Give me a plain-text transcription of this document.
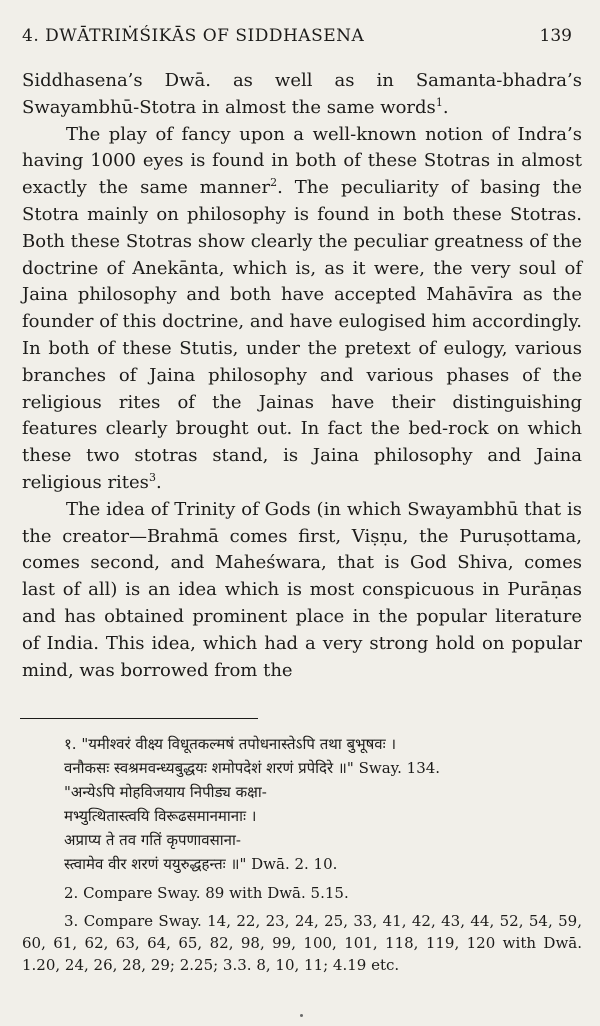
4. DWĀTRIṀŚIKĀS OF SIDDHASENA	139

Siddhasena’s Dwā. as well as in Samanta-bhadra’s Swayambhū-Stotra in almost the same words$^1$.

The play of fancy upon a well-known notion of Indra’s having 1000 eyes is found in both of these Stotras in almost exactly the same manner$^2$. The peculiarity of basing the Stotra mainly on philosophy is found in both these Stotras. Both these Stotras show clearly the peculiar greatness of the doctrine of Anekānta, which is, as it were, the very soul of Jaina philosophy and both have accepted Mahāvīra as the founder of this doctrine, and have eulogised him accordingly. In both of these Stutis, under the pretext of eulogy, various branches of Jaina philosophy and various phases of the religious rites of the Jainas have their distinguishing features clearly brought out. In fact the bed-rock on which these two stotras stand, is Jaina philosophy and Jaina religious rites$^3$.

The idea of Trinity of Gods (in which Swayambhū that is the creator—Brahmā comes first, Viṣṇu, the Puruṣottama, comes second, and Maheśwara, that is God Shiva, comes last of all) is an idea which is most conspicuous in Purāṇas and has obtained prominent place in the popular literature of India. This idea, which had a very strong hold on popular mind, was borrowed from the

१. "यमीश्वरं वीक्ष्य विधूतकल्मषं तपोधनास्तेऽपि तथा बुभूषवः ।

वनौकसः स्वश्रमवन्ध्यबुद्धयः शमोपदेशं शरणं प्रपेदिरे ॥" Sway. 134.

"अन्येऽपि मोहविजयाय निपीड्य कक्षा-

मभ्युत्थितास्त्वयि विरूढसमानमानाः ।

अप्राप्य ते तव गतिं कृपणावसाना-

स्त्वामेव वीर शरणं ययुरुद्धहन्तः ॥" Dwā. 2. 10.

2. Compare Sway. 89 with Dwā. 5.15.

3. Compare Sway. 14, 22, 23, 24, 25, 33, 41, 42, 43, 44, 52, 54, 59, 60, 61, 62, 63, 64, 65, 82, 98, 99, 100, 101, 118, 119, 120 with Dwā. 1.20, 24, 26, 28, 29; 2.25; 3.3. 8, 10, 11; 4.19 etc.
